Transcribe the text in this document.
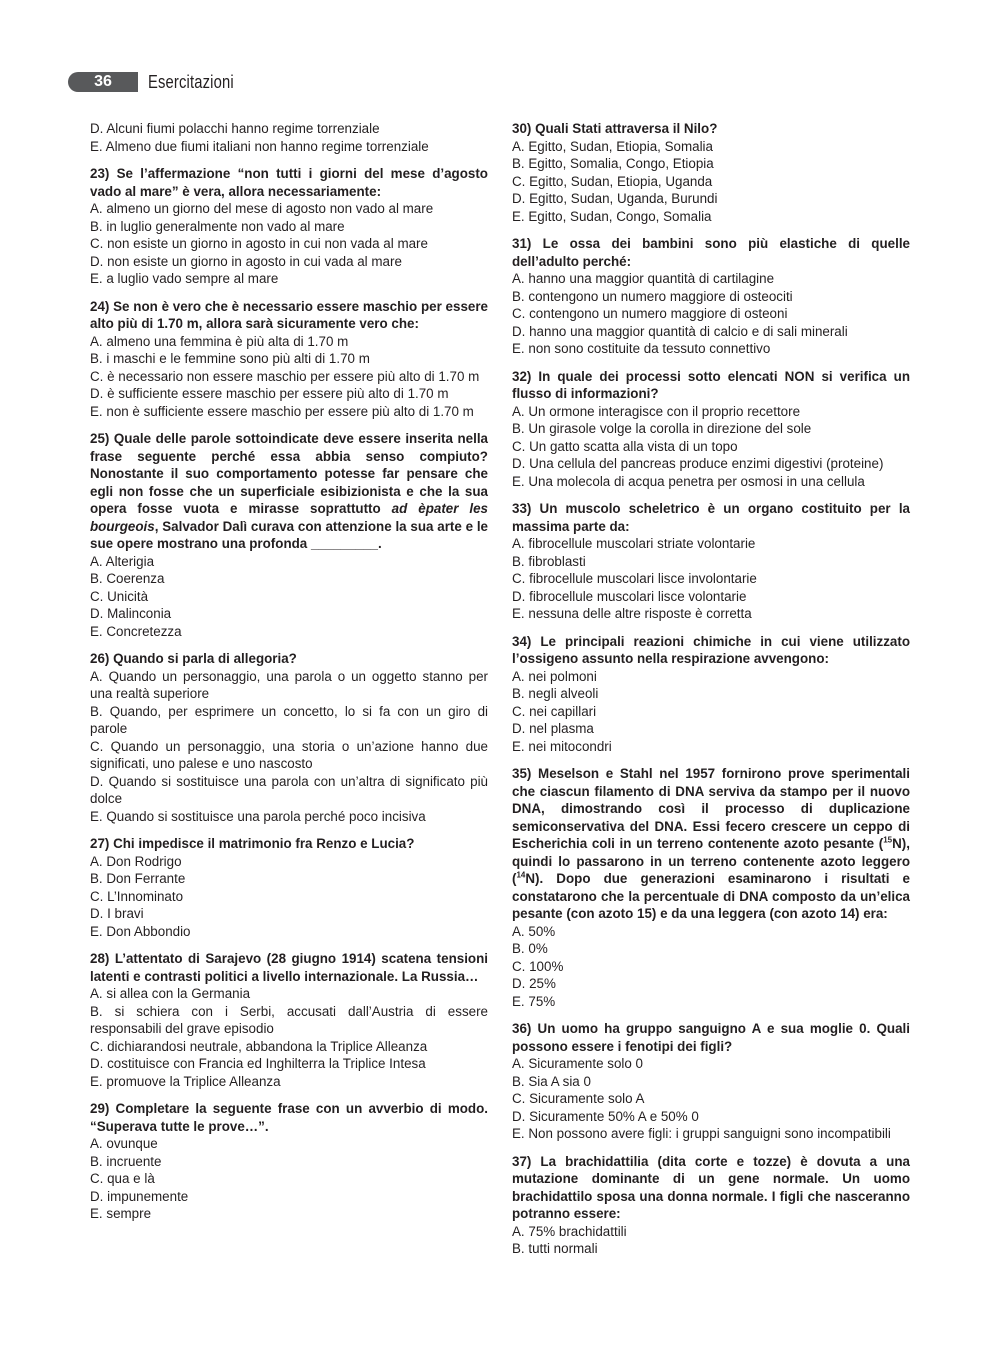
36	Esercitazioni
D. Alcuni fiumi polacchi hanno regime torrenziale
E. Almeno due fiumi italiani non hanno regime torrenziale
23) Se l’affermazione “non tutti i giorni del mese d’agosto vado al mare” è vera, allora necessariamente:
A. almeno un giorno del mese di agosto non vado al mare
B. in luglio generalmente non vado al mare
C. non esiste un giorno in agosto in cui non vada al mare
D. non esiste un giorno in agosto in cui vada al mare
E. a luglio vado sempre al mare
24) Se non è vero che è necessario essere maschio per essere alto più di 1.70 m, allora sarà sicuramente vero che:
A. almeno una femmina è più alta di 1.70 m
B. i maschi e le femmine sono più alti di 1.70 m
C. è necessario non essere maschio per essere più alto di 1.70 m
D. è sufficiente essere maschio per essere più alto di 1.70 m
E. non è sufficiente essere maschio per essere più alto di 1.70 m
25) Quale delle parole sottoindicate deve essere inserita nella frase seguente perché essa abbia senso compiuto? Nonostante il suo comportamento potesse far pensare che egli non fosse che un superficiale esibizionista e che la sua opera fosse vuota e mirasse soprattutto ad èpater les bourgeois, Salvador Dalì curava con attenzione la sua arte e le sue opere mostrano una profonda _________.
A. Alterigia
B. Coerenza
C. Unicità
D. Malinconia
E. Concretezza
26) Quando si parla di allegoria?
A. Quando un personaggio, una parola o un oggetto stanno per una realtà superiore
B. Quando, per esprimere un concetto, lo si fa con un giro di parole
C. Quando un personaggio, una storia o un’azione hanno due significati, uno palese e uno nascosto
D. Quando si sostituisce una parola con un’altra di significato più dolce
E. Quando si sostituisce una parola perché poco incisiva
27) Chi impedisce il matrimonio fra Renzo e Lucia?
A. Don Rodrigo
B. Don Ferrante
C. L’Innominato
D. I bravi
E. Don Abbondio
28) L’attentato di Sarajevo (28 giugno 1914) scatena tensioni latenti e contrasti politici a livello internazionale. La Russia…
A. si allea con la Germania
B. si schiera con i Serbi, accusati dall’Austria di essere responsabili del grave episodio
C. dichiarandosi neutrale, abbandona la Triplice Alleanza
D. costituisce con Francia ed Inghilterra la Triplice Intesa
E. promuove la Triplice Alleanza
29) Completare la seguente frase con un avverbio di modo. “Superava tutte le prove…”.
A. ovunque
B. incruente
C. qua e là
D. impunemente
E. sempre
30) Quali Stati attraversa il Nilo?
A. Egitto, Sudan, Etiopia, Somalia
B. Egitto, Somalia, Congo, Etiopia
C. Egitto, Sudan, Etiopia, Uganda
D. Egitto, Sudan, Uganda, Burundi
E. Egitto, Sudan, Congo, Somalia
31) Le ossa dei bambini sono più elastiche di quelle dell’adulto perché:
A. hanno una maggior quantità di cartilagine
B. contengono un numero maggiore di osteociti
C. contengono un numero maggiore di osteoni
D. hanno una maggior quantità di calcio e di sali minerali
E. non sono costituite da tessuto connettivo
32) In quale dei processi sotto elencati NON si verifica un flusso di informazioni?
A. Un ormone interagisce con il proprio recettore
B. Un girasole volge la corolla in direzione del sole
C. Un gatto scatta alla vista di un topo
D. Una cellula del pancreas produce enzimi digestivi (proteine)
E. Una molecola di acqua penetra per osmosi in una cellula
33) Un muscolo scheletrico è un organo costituito per la massima parte da:
A. fibrocellule muscolari striate volontarie
B. fibroblasti
C. fibrocellule muscolari lisce involontarie
D. fibrocellule muscolari lisce volontarie
E. nessuna delle altre risposte è corretta
34) Le principali reazioni chimiche in cui viene utilizzato l’ossigeno assunto nella respirazione avvengono:
A. nei polmoni
B. negli alveoli
C. nei capillari
D. nel plasma
E. nei mitocondri
35) Meselson e Stahl nel 1957 fornirono prove sperimentali che ciascun filamento di DNA serviva da stampo per il nuovo DNA, dimostrando così il processo di duplicazione semiconservativa del DNA. Essi fecero crescere un ceppo di Escherichia coli in un terreno contenente azoto pesante ($^{15}$N), quindi lo passarono in un terreno contenente azoto leggero ($^{14}$N). Dopo due generazioni esaminarono i risultati e constatarono che la percentuale di DNA composto da un’elica pesante (con azoto 15) e da una leggera (con azoto 14) era:
A. 50%
B. 0%
C. 100%
D. 25%
E. 75%
36) Un uomo ha gruppo sanguigno A e sua moglie 0. Quali possono essere i fenotipi dei figli?
A. Sicuramente solo 0
B. Sia A sia 0
C. Sicuramente solo A
D. Sicuramente 50% A e 50% 0
E. Non possono avere figli: i gruppi sanguigni sono incompatibili
37) La brachidattilia (dita corte e tozze) è dovuta a una mutazione dominante di un gene normale. Un uomo brachidattilo sposa una donna normale. I figli che nasceranno potranno essere:
A. 75% brachidattili
B. tutti normali
